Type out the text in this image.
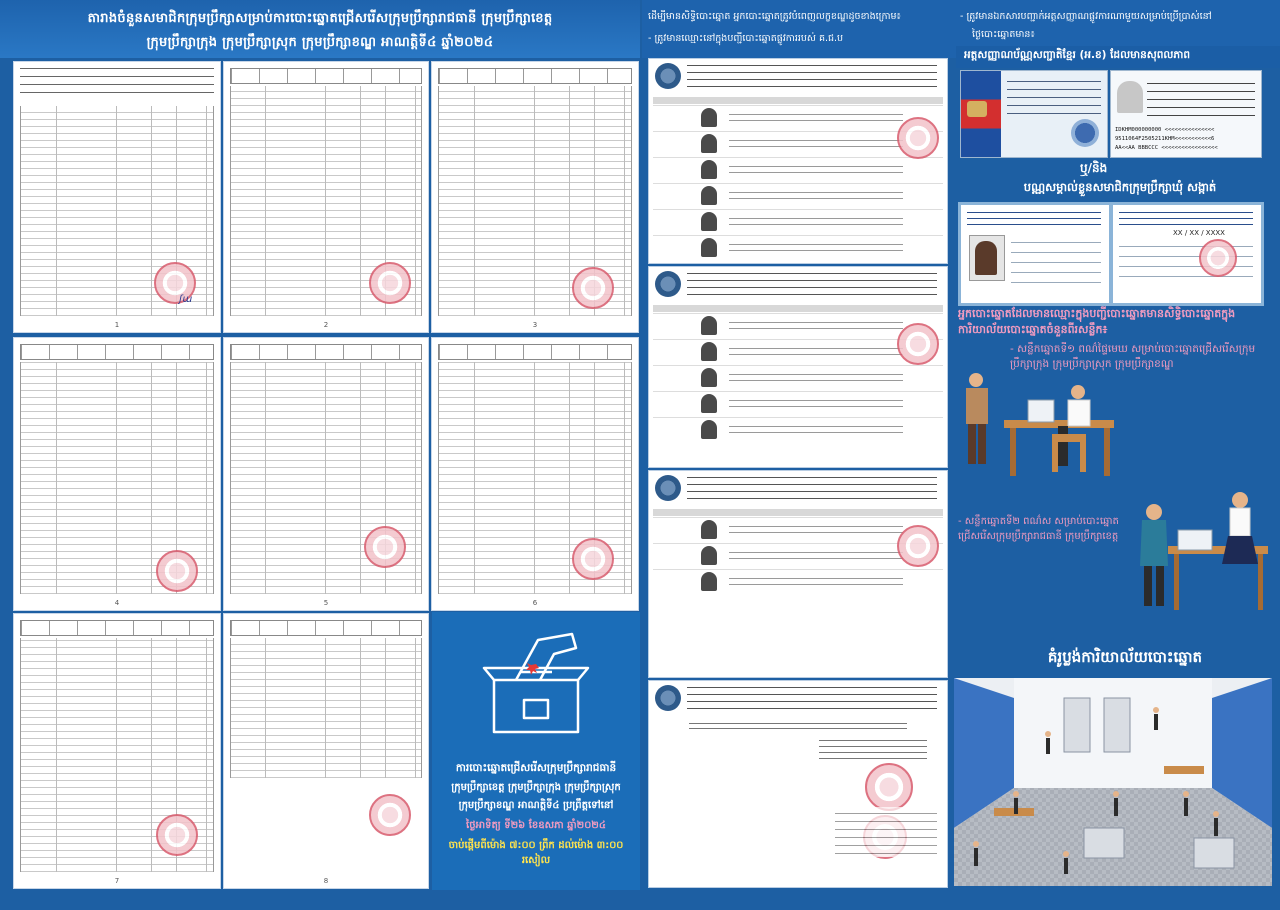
តារាងចំនួនសមាជិកក្រុមប្រឹក្សាសម្រាប់ការបោះឆ្នោតជ្រើសរើសក្រុមប្រឹក្សារាជធានី ក្រុមប្រឹក្សាខេត្ត
ក្រុមប្រឹក្សាក្រុង ក្រុមប្រឹក្សាស្រុក ក្រុមប្រឹក្សាខណ្ឌ អាណត្តិទី៤ ឆ្នាំ២០២៤
ʃɯ
1	2	3
4	5	6
7	8
ការបោះឆ្នោតជ្រើសរើសក្រុមប្រឹក្សារាជធានី
ក្រុមប្រឹក្សាខេត្ត ក្រុមប្រឹក្សាក្រុង ក្រុមប្រឹក្សាស្រុក
ក្រុមប្រឹក្សាខណ្ឌ អាណត្តិទី៤ ប្រព្រឹត្តទៅនៅ
ថ្ងៃអាទិត្យ ទី២៦ ខែឧសភា ឆ្នាំ២០២៤
ចាប់ផ្តើមពីម៉ោង ៧:០០ ព្រឹក ដល់ម៉ោង ៣:០០ រសៀល
ដើម្បីមានសិទ្ធិបោះឆ្នោត អ្នកបោះឆ្នោតត្រូវបំពេញលក្ខខណ្ឌដូចខាងក្រោម៖
- ត្រូវមានឈ្មោះនៅក្នុងបញ្ជីបោះឆ្នោតផ្លូវការរបស់ គ.ជ.ប
- ត្រូវមានឯកសារបញ្ជាក់អត្តសញ្ញាណផ្លូវការណាមួយសម្រាប់ប្រើប្រាស់នៅ
ថ្ងៃបោះឆ្នោតមាន៖
អត្តសញ្ញាណប័ណ្ណសញ្ជាតិខ្មែរ (អ.ខ) ដែលមានសុពលភាព
IDKHM000000000 <<<<<<<<<<<<<<<
9511064F2505211KHM<<<<<<<<<<<6
AA<<AA BBBCCC <<<<<<<<<<<<<<<<<
ឬ/និង
បណ្ណសម្គាល់ខ្លួនសមាជិកក្រុមប្រឹក្សាឃុំ សង្កាត់
XX / XX / XXXX
អ្នកបោះឆ្នោតដែលមានឈ្មោះក្នុងបញ្ជីបោះឆ្នោតមានសិទ្ធិបោះឆ្នោតក្នុងការិយាល័យបោះឆ្នោតចំនួនពីរសន្លឹក៖
- សន្លឹកឆ្នោតទី១ ពណ៌ផ្ទៃមេឃ សម្រាប់បោះឆ្នោតជ្រើសរើសក្រុមប្រឹក្សាក្រុង ក្រុមប្រឹក្សាស្រុក ក្រុមប្រឹក្សាខណ្ឌ
- សន្លឹកឆ្នោតទី២ ពណ៌ស សម្រាប់បោះឆ្នោតជ្រើសរើសក្រុមប្រឹក្សារាជធានី ក្រុមប្រឹក្សាខេត្ត
គំរូប្លង់ការិយាល័យបោះឆ្នោត
